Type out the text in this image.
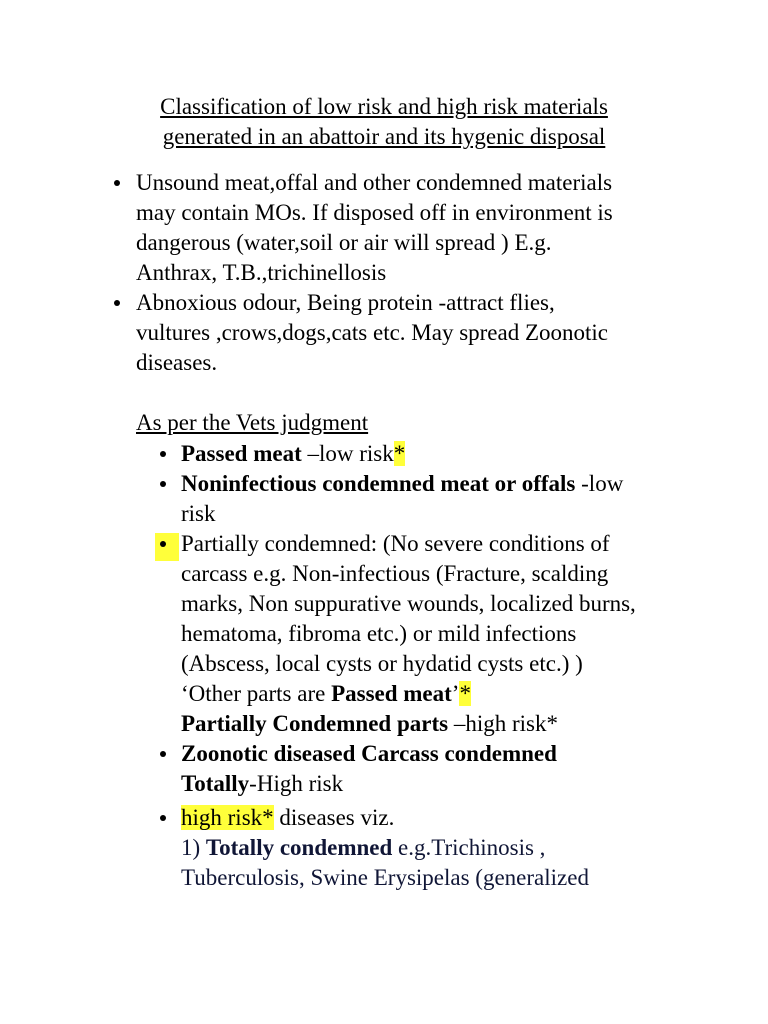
Classification of low risk and high risk materials
generated in an abattoir and its hygenic disposal
Unsound meat,offal and other condemned materials
may contain MOs. If disposed off in environment is
dangerous (water,soil or air will spread ) E.g.
Anthrax, T.B.,trichinellosis
Abnoxious odour, Being protein -attract flies,
vultures ,crows,dogs,cats etc. May spread Zoonotic
diseases.
As per the Vets judgment
Passed meat –low risk*
Noninfectious condemned meat or offals -low
risk
Partially condemned: (No severe conditions of
carcass e.g. Non-infectious (Fracture, scalding
marks, Non suppurative wounds, localized burns,
hematoma, fibroma etc.) or mild infections
(Abscess, local cysts or hydatid cysts etc.) )
‘Other parts are Passed meat’*
Partially Condemned parts –high risk*
Zoonotic diseased Carcass condemned
Totally-High risk
high risk* diseases viz.
1) Totally condemned e.g.Trichinosis ,
Tuberculosis, Swine Erysipelas (generalized
